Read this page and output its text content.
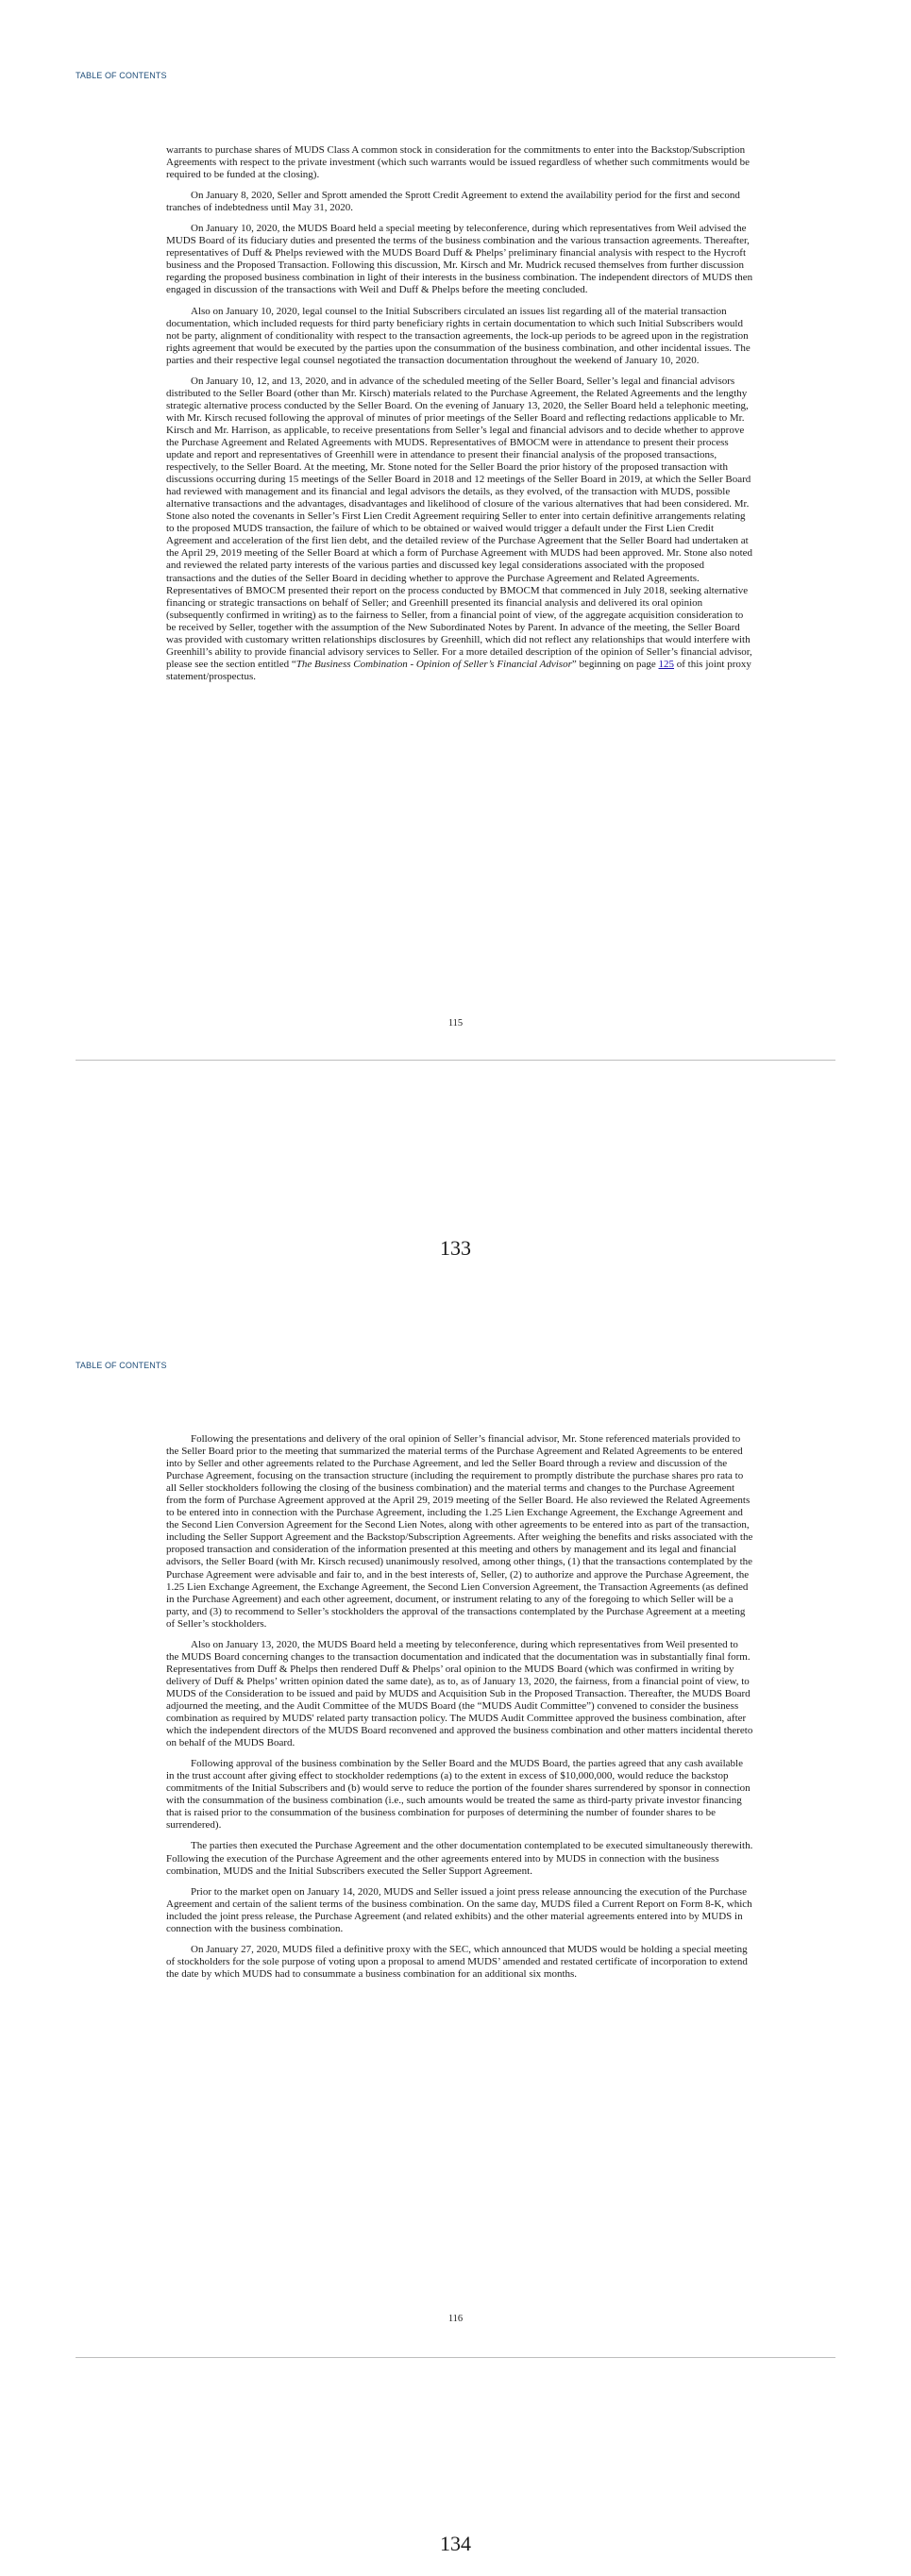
TABLE OF CONTENTS

warrants to purchase shares of MUDS Class A common stock in consideration for the commitments to enter into the Backstop/Subscription Agreements with respect to the private investment (which such warrants would be issued regardless of whether such commitments would be required to be funded at the closing).

On January 8, 2020, Seller and Sprott amended the Sprott Credit Agreement to extend the availability period for the first and second tranches of indebtedness until May 31, 2020.

On January 10, 2020, the MUDS Board held a special meeting by teleconference, during which representatives from Weil advised the MUDS Board of its fiduciary duties and presented the terms of the business combination and the various transaction agreements. Thereafter, representatives of Duff & Phelps reviewed with the MUDS Board Duff & Phelps’ preliminary financial analysis with respect to the Hycroft business and the Proposed Transaction. Following this discussion, Mr. Kirsch and Mr. Mudrick recused themselves from further discussion regarding the proposed business combination in light of their interests in the business combination. The independent directors of MUDS then engaged in discussion of the transactions with Weil and Duff & Phelps before the meeting concluded.

Also on January 10, 2020, legal counsel to the Initial Subscribers circulated an issues list regarding all of the material transaction documentation, which included requests for third party beneficiary rights in certain documentation to which such Initial Subscribers would not be party, alignment of conditionality with respect to the transaction agreements, the lock-up periods to be agreed upon in the registration rights agreement that would be executed by the parties upon the consummation of the business combination, and other incidental issues. The parties and their respective legal counsel negotiated the transaction documentation throughout the weekend of January 10, 2020.

On January 10, 12, and 13, 2020, and in advance of the scheduled meeting of the Seller Board, Seller’s legal and financial advisors distributed to the Seller Board (other than Mr. Kirsch) materials related to the Purchase Agreement, the Related Agreements and the lengthy strategic alternative process conducted by the Seller Board. On the evening of January 13, 2020, the Seller Board held a telephonic meeting, with Mr. Kirsch recused following the approval of minutes of prior meetings of the Seller Board and reflecting redactions applicable to Mr. Kirsch and Mr. Harrison, as applicable, to receive presentations from Seller’s legal and financial advisors and to decide whether to approve the Purchase Agreement and Related Agreements with MUDS. Representatives of BMOCM were in attendance to present their process update and report and representatives of Greenhill were in attendance to present their financial analysis of the proposed transactions, respectively, to the Seller Board. At the meeting, Mr. Stone noted for the Seller Board the prior history of the proposed transaction with discussions occurring during 15 meetings of the Seller Board in 2018 and 12 meetings of the Seller Board in 2019, at which the Seller Board had reviewed with management and its financial and legal advisors the details, as they evolved, of the transaction with MUDS, possible alternative transactions and the advantages, disadvantages and likelihood of closure of the various alternatives that had been considered. Mr. Stone also noted the covenants in Seller’s First Lien Credit Agreement requiring Seller to enter into certain definitive arrangements relating to the proposed MUDS transaction, the failure of which to be obtained or waived would trigger a default under the First Lien Credit Agreement and acceleration of the first lien debt, and the detailed review of the Purchase Agreement that the Seller Board had undertaken at the April 29, 2019 meeting of the Seller Board at which a form of Purchase Agreement with MUDS had been approved. Mr. Stone also noted and reviewed the related party interests of the various parties and discussed key legal considerations associated with the proposed transactions and the duties of the Seller Board in deciding whether to approve the Purchase Agreement and Related Agreements. Representatives of BMOCM presented their report on the process conducted by BMOCM that commenced in July 2018, seeking alternative financing or strategic transactions on behalf of Seller; and Greenhill presented its financial analysis and delivered its oral opinion (subsequently confirmed in writing) as to the fairness to Seller, from a financial point of view, of the aggregate acquisition consideration to be received by Seller, together with the assumption of the New Subordinated Notes by Parent. In advance of the meeting, the Seller Board was provided with customary written relationships disclosures by Greenhill, which did not reflect any relationships that would interfere with Greenhill’s ability to provide financial advisory services to Seller. For a more detailed description of the opinion of Seller’s financial advisor, please see the section entitled “The Business Combination - Opinion of Seller’s Financial Advisor” beginning on page 125 of this joint proxy statement/prospectus.

115
133
TABLE OF CONTENTS

Following the presentations and delivery of the oral opinion of Seller’s financial advisor, Mr. Stone referenced materials provided to the Seller Board prior to the meeting that summarized the material terms of the Purchase Agreement and Related Agreements to be entered into by Seller and other agreements related to the Purchase Agreement, and led the Seller Board through a review and discussion of the Purchase Agreement, focusing on the transaction structure (including the requirement to promptly distribute the purchase shares pro rata to all Seller stockholders following the closing of the business combination) and the material terms and changes to the Purchase Agreement from the form of Purchase Agreement approved at the April 29, 2019 meeting of the Seller Board. He also reviewed the Related Agreements to be entered into in connection with the Purchase Agreement, including the 1.25 Lien Exchange Agreement, the Exchange Agreement and the Second Lien Conversion Agreement for the Second Lien Notes, along with other agreements to be entered into as part of the transaction, including the Seller Support Agreement and the Backstop/Subscription Agreements. After weighing the benefits and risks associated with the proposed transaction and consideration of the information presented at this meeting and others by management and its legal and financial advisors, the Seller Board (with Mr. Kirsch recused) unanimously resolved, among other things, (1) that the transactions contemplated by the Purchase Agreement were advisable and fair to, and in the best interests of, Seller, (2) to authorize and approve the Purchase Agreement, the 1.25 Lien Exchange Agreement, the Exchange Agreement, the Second Lien Conversion Agreement, the Transaction Agreements (as defined in the Purchase Agreement) and each other agreement, document, or instrument relating to any of the foregoing to which Seller will be a party, and (3) to recommend to Seller’s stockholders the approval of the transactions contemplated by the Purchase Agreement at a meeting of Seller’s stockholders.

Also on January 13, 2020, the MUDS Board held a meeting by teleconference, during which representatives from Weil presented to the MUDS Board concerning changes to the transaction documentation and indicated that the documentation was in substantially final form. Representatives from Duff & Phelps then rendered Duff & Phelps’ oral opinion to the MUDS Board (which was confirmed in writing by delivery of Duff & Phelps’ written opinion dated the same date), as to, as of January 13, 2020, the fairness, from a financial point of view, to MUDS of the Consideration to be issued and paid by MUDS and Acquisition Sub in the Proposed Transaction. Thereafter, the MUDS Board adjourned the meeting, and the Audit Committee of the MUDS Board (the “MUDS Audit Committee”) convened to consider the business combination as required by MUDS' related party transaction policy. The MUDS Audit Committee approved the business combination, after which the independent directors of the MUDS Board reconvened and approved the business combination and other matters incidental thereto on behalf of the MUDS Board.

Following approval of the business combination by the Seller Board and the MUDS Board, the parties agreed that any cash available in the trust account after giving effect to stockholder redemptions (a) to the extent in excess of $10,000,000, would reduce the backstop commitments of the Initial Subscribers and (b) would serve to reduce the portion of the founder shares surrendered by sponsor in connection with the consummation of the business combination (i.e., such amounts would be treated the same as third-party private investor financing that is raised prior to the consummation of the business combination for purposes of determining the number of founder shares to be surrendered).

The parties then executed the Purchase Agreement and the other documentation contemplated to be executed simultaneously therewith. Following the execution of the Purchase Agreement and the other agreements entered into by MUDS in connection with the business combination, MUDS and the Initial Subscribers executed the Seller Support Agreement.

Prior to the market open on January 14, 2020, MUDS and Seller issued a joint press release announcing the execution of the Purchase Agreement and certain of the salient terms of the business combination. On the same day, MUDS filed a Current Report on Form 8-K, which included the joint press release, the Purchase Agreement (and related exhibits) and the other material agreements entered into by MUDS in connection with the business combination.

On January 27, 2020, MUDS filed a definitive proxy with the SEC, which announced that MUDS would be holding a special meeting of stockholders for the sole purpose of voting upon a proposal to amend MUDS’ amended and restated certificate of incorporation to extend the date by which MUDS had to consummate a business combination for an additional six months.

116
134
